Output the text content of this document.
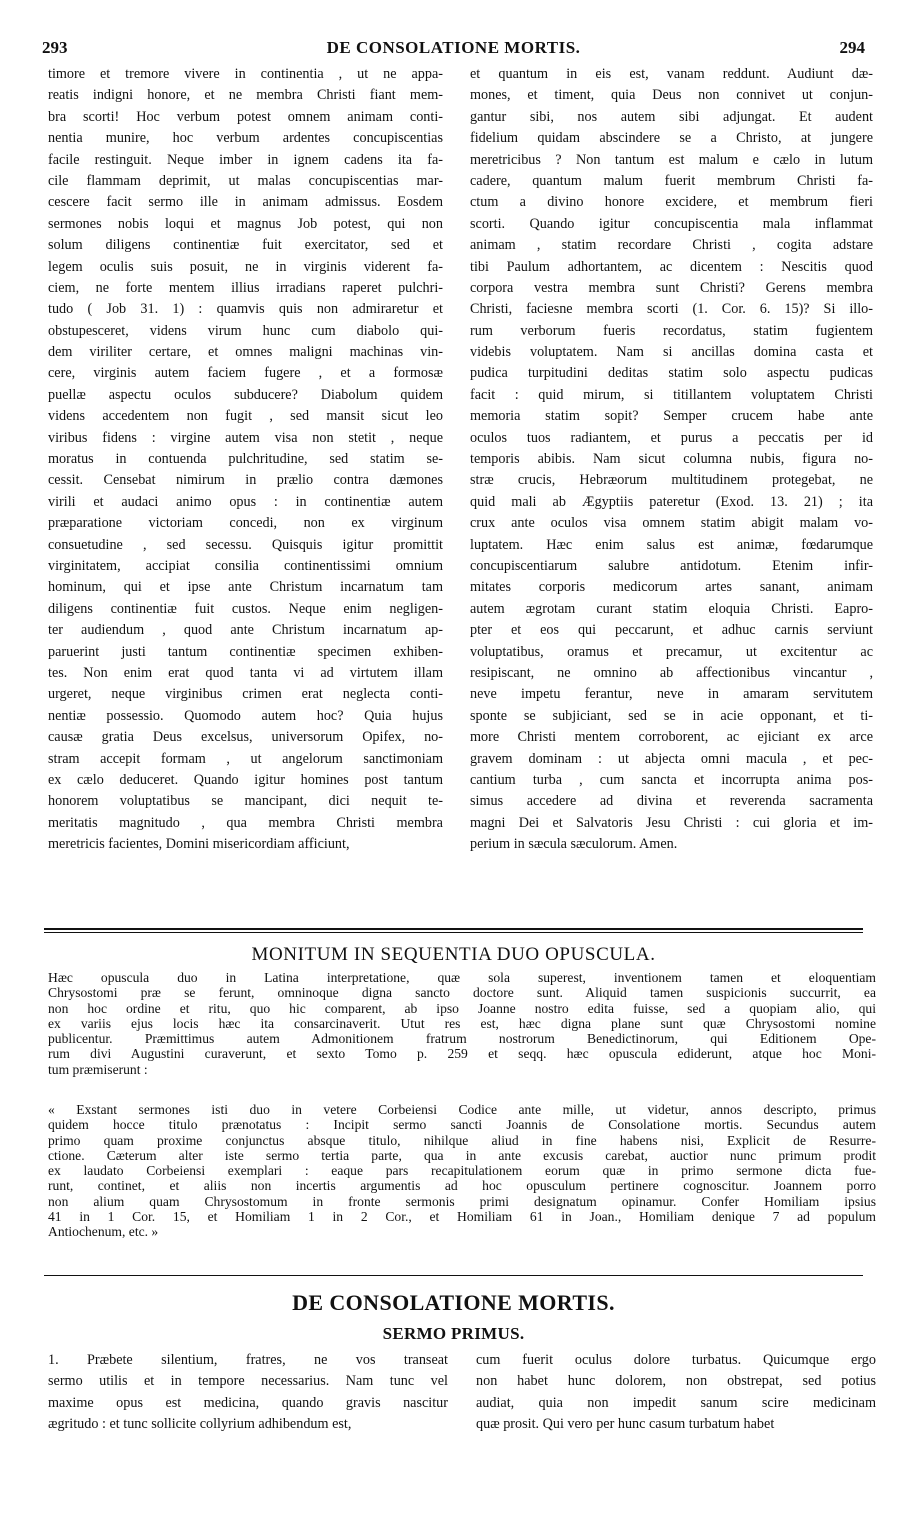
293	DE CONSOLATIONE MORTIS.	294
timore et tremore vivere in continentia , ut ne appa-
reatis indigni honore, et ne membra Christi fiant mem-
bra scorti! Hoc verbum potest omnem animam conti-
nentia munire, hoc verbum ardentes concupiscentias
facile restinguit. Neque imber in ignem cadens ita fa-
cile flammam deprimit, ut malas concupiscentias mar-
cescere facit sermo ille in animam admissus. Eosdem
sermones nobis loqui et magnus Job potest, qui non
solum diligens continentiæ fuit exercitator, sed et
legem oculis suis posuit, ne in virginis viderent fa-
ciem, ne forte mentem illius irradians raperet pulchri-
tudo ( Job 31. 1) : quamvis quis non admiraretur et
obstupesceret, videns virum hunc cum diabolo qui-
dem viriliter certare, et omnes maligni machinas vin-
cere, virginis autem faciem fugere , et a formosæ
puellæ aspectu oculos subducere? Diabolum quidem
videns accedentem non fugit , sed mansit sicut leo
viribus fidens : virgine autem visa non stetit , neque
moratus in contuenda pulchritudine, sed statim se-
cessit. Censebat nimirum in prælio contra dæmones
virili et audaci animo opus : in continentiæ autem
præparatione victoriam concedi, non ex virginum
consuetudine , sed secessu. Quisquis igitur promittit
virginitatem, accipiat consilia continentissimi omnium
hominum, qui et ipse ante Christum incarnatum tam
diligens continentiæ fuit custos. Neque enim negligen-
ter audiendum , quod ante Christum incarnatum ap-
paruerint justi tantum continentiæ specimen exhiben-
tes. Non enim erat quod tanta vi ad virtutem illam
urgeret, neque virginibus crimen erat neglecta conti-
nentiæ possessio. Quomodo autem hoc? Quia hujus
causæ gratia Deus excelsus, universorum Opifex, no-
stram accepit formam , ut angelorum sanctimoniam
ex cælo deduceret. Quando igitur homines post tantum
honorem voluptatibus se mancipant, dici nequit te-
meritatis magnitudo , qua membra Christi membra
meretricis facientes, Domini misericordiam afficiunt,
et quantum in eis est, vanam reddunt. Audiunt dæ-
mones, et timent, quia Deus non connivet ut conjun-
gantur sibi, nos autem sibi adjungat. Et audent
fidelium quidam abscindere se a Christo, at jungere
meretricibus ? Non tantum est malum e cælo in lutum
cadere, quantum malum fuerit membrum Christi fa-
ctum a divino honore excidere, et membrum fieri
scorti. Quando igitur concupiscentia mala inflammat
animam , statim recordare Christi , cogita adstare
tibi Paulum adhortantem, ac dicentem : Nescitis quod
corpora vestra membra sunt Christi? Gerens membra
Christi, faciesne membra scorti (1. Cor. 6. 15)? Si illo-
rum verborum fueris recordatus, statim fugientem
videbis voluptatem. Nam si ancillas domina casta et
pudica turpitudini deditas statim solo aspectu pudicas
facit : quid mirum, si titillantem voluptatem Christi
memoria statim sopit? Semper crucem habe ante
oculos tuos radiantem, et purus a peccatis per id
temporis abibis. Nam sicut columna nubis, figura no-
stræ crucis, Hebræorum multitudinem protegebat, ne
quid mali ab Ægyptiis pateretur (Exod. 13. 21) ; ita
crux ante oculos visa omnem statim abigit malam vo-
luptatem. Hæc enim salus est animæ, fœdarumque
concupiscentiarum salubre antidotum. Etenim infir-
mitates corporis medicorum artes sanant, animam
autem ægrotam curant statim eloquia Christi. Eapro-
pter et eos qui peccarunt, et adhuc carnis serviunt
voluptatibus, oramus et precamur, ut excitentur ac
resipiscant, ne omnino ab affectionibus vincantur ,
neve impetu ferantur, neve in amaram servitutem
sponte se subjiciant, sed se in acie opponant, et ti-
more Christi mentem corroborent, ac ejiciant ex arce
gravem dominam : ut abjecta omni macula , et pec-
cantium turba , cum sancta et incorrupta anima pos-
simus accedere ad divina et reverenda sacramenta
magni Dei et Salvatoris Jesu Christi : cui gloria et im-
perium in sæcula sæculorum. Amen.
MONITUM IN SEQUENTIA DUO OPUSCULA.
Hæc opuscula duo in Latina interpretatione, quæ sola superest, inventionem tamen et eloquentiam
Chrysostomi præ se ferunt, omninoque digna sancto doctore sunt. Aliquid tamen suspicionis succurrit, ea
non hoc ordine et ritu, quo hic comparent, ab ipso Joanne nostro edita fuisse, sed a quopiam alio, qui
ex variis ejus locis hæc ita consarcinaverit. Utut res est, hæc digna plane sunt quæ Chrysostomi nomine
publicentur. Præmittimus autem Admonitionem fratrum nostrorum Benedictinorum, qui Editionem Ope-
rum divi Augustini curaverunt, et sexto Tomo p. 259 et seqq. hæc opuscula ediderunt, atque hoc Moni-
tum præmiserunt :
« Exstant sermones isti duo in vetere Corbeiensi Codice ante mille, ut videtur, annos descripto, primus
quidem hocce titulo prænotatus : Incipit sermo sancti Joannis de Consolatione mortis. Secundus autem
primo quam proxime conjunctus absque titulo, nihilque aliud in fine habens nisi, Explicit de Resurre-
ctione. Cæterum alter iste sermo tertia parte, qua in ante excusis carebat, auctior nunc primum prodit
ex laudato Corbeiensi exemplari : eaque pars recapitulationem eorum quæ in primo sermone dicta fue-
runt, continet, et aliis non incertis argumentis ad hoc opusculum pertinere cognoscitur. Joannem porro
non alium quam Chrysostomum in fronte sermonis primi designatum opinamur. Confer Homiliam ipsius
41 in 1 Cor. 15, et Homiliam 1 in 2 Cor., et Homiliam 61 in Joan., Homiliam denique 7 ad populum
Antiochenum, etc. »
DE CONSOLATIONE MORTIS.
SERMO PRIMUS.
1. Præbete silentium, fratres, ne vos transeat
sermo utilis et in tempore necessarius. Nam tunc vel
maxime opus est medicina, quando gravis nascitur
ægritudo : et tunc sollicite collyrium adhibendum est,
cum fuerit oculus dolore turbatus. Quicumque ergo
non habet hunc dolorem, non obstrepat, sed potius
audiat, quia non impedit sanum scire medicinam
quæ prosit. Qui vero per hunc casum turbatum habet
